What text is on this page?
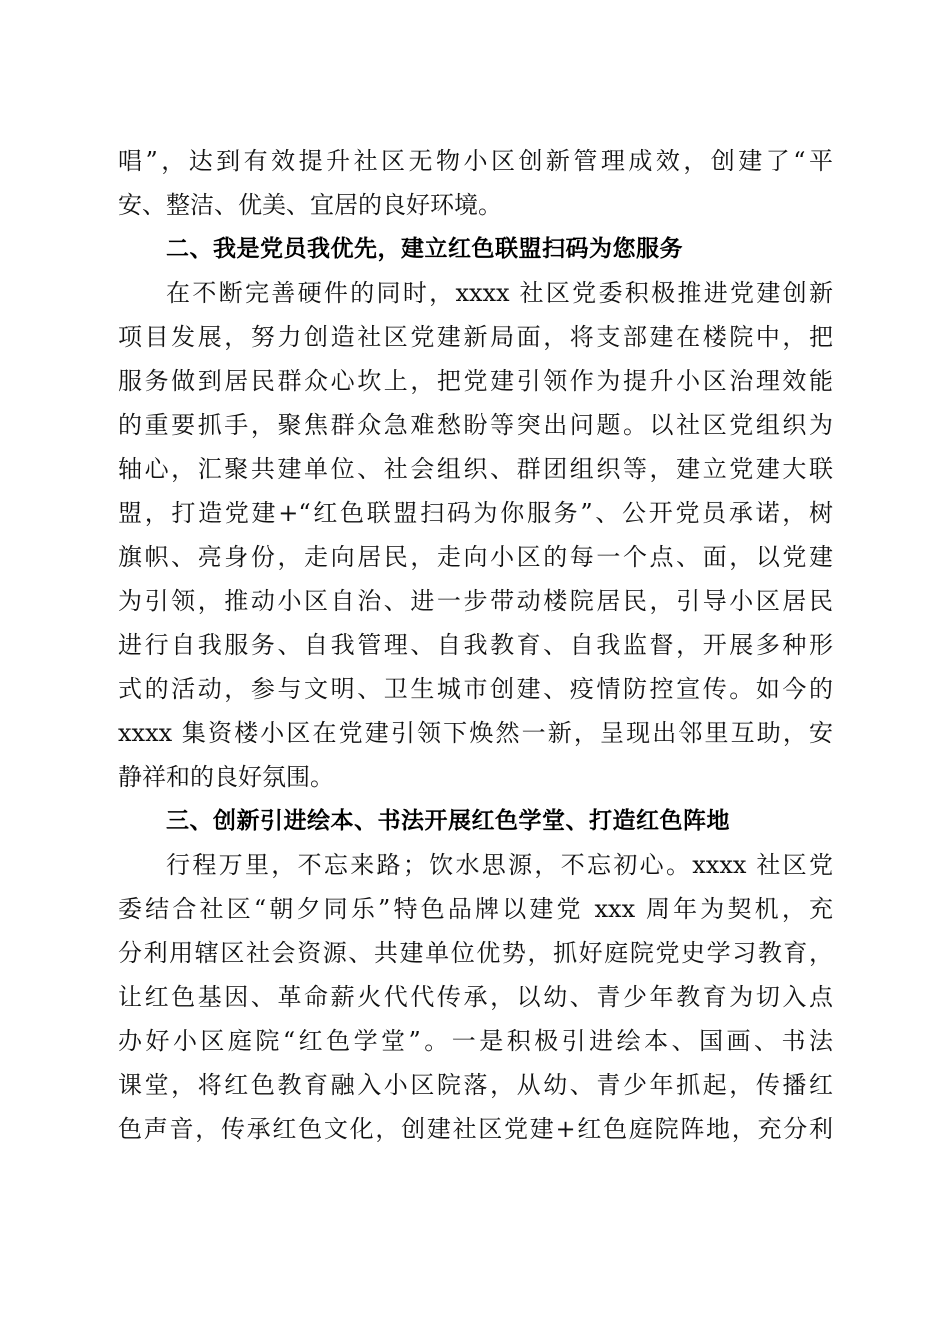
唱”，达到有效提升社区无物小区创新管理成效，创建了“平
安、整洁、优美、宜居的良好环境。
二、我是党员我优先，建立红色联盟扫码为您服务
在不断完善硬件的同时，xxxx 社区党委积极推进党建创新
项目发展，努力创造社区党建新局面，将支部建在楼院中，把
服务做到居民群众心坎上，把党建引领作为提升小区治理效能
的重要抓手，聚焦群众急难愁盼等突出问题。以社区党组织为
轴心，汇聚共建单位、社会组织、群团组织等，建立党建大联
盟，打造党建+“红色联盟扫码为你服务”、公开党员承诺，树
旗帜、亮身份，走向居民，走向小区的每一个点、面，以党建
为引领，推动小区自治、进一步带动楼院居民，引导小区居民
进行自我服务、自我管理、自我教育、自我监督，开展多种形
式的活动，参与文明、卫生城市创建、疫情防控宣传。如今的
xxxx 集资楼小区在党建引领下焕然一新，呈现出邻里互助，安
静祥和的良好氛围。
三、创新引进绘本、书法开展红色学堂、打造红色阵地
行程万里，不忘来路；饮水思源，不忘初心。xxxx 社区党
委结合社区“朝夕同乐”特色品牌以建党 xxx 周年为契机，充
分利用辖区社会资源、共建单位优势，抓好庭院党史学习教育，
让红色基因、革命薪火代代传承，以幼、青少年教育为切入点
办好小区庭院“红色学堂”。一是积极引进绘本、国画、书法
课堂，将红色教育融入小区院落，从幼、青少年抓起，传播红
色声音，传承红色文化，创建社区党建+红色庭院阵地，充分利
